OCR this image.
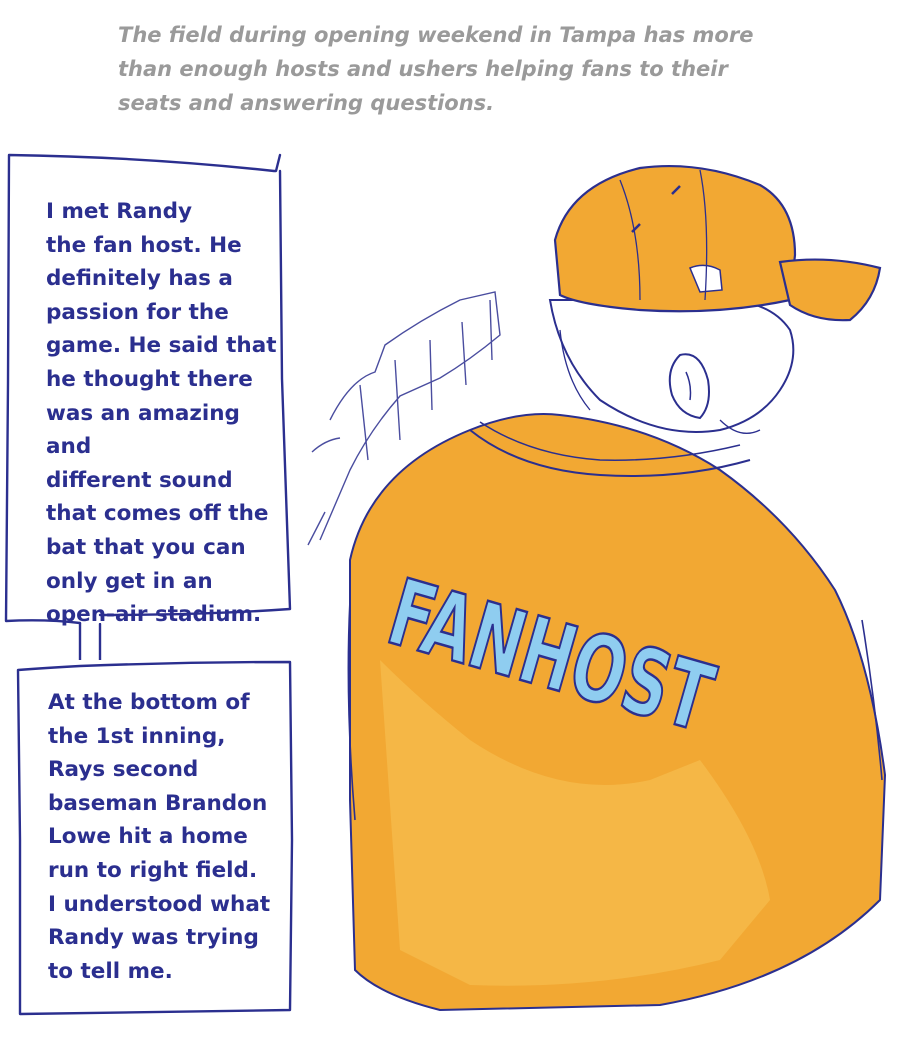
The field during opening weekend in Tampa has more than enough hosts and ushers helping fans to their seats and answering questions.

I met Randy
the fan host. He
definitely has a
passion for the
game. He said that
he thought there
was an amazing and
different sound
that comes off the
bat that you can
only get in an
open-air stadium.

At the bottom of
the 1st inning,
Rays second
baseman Brandon
Lowe hit a home
run to right field.
I understood what
Randy was trying
to tell me.

FANHOST
